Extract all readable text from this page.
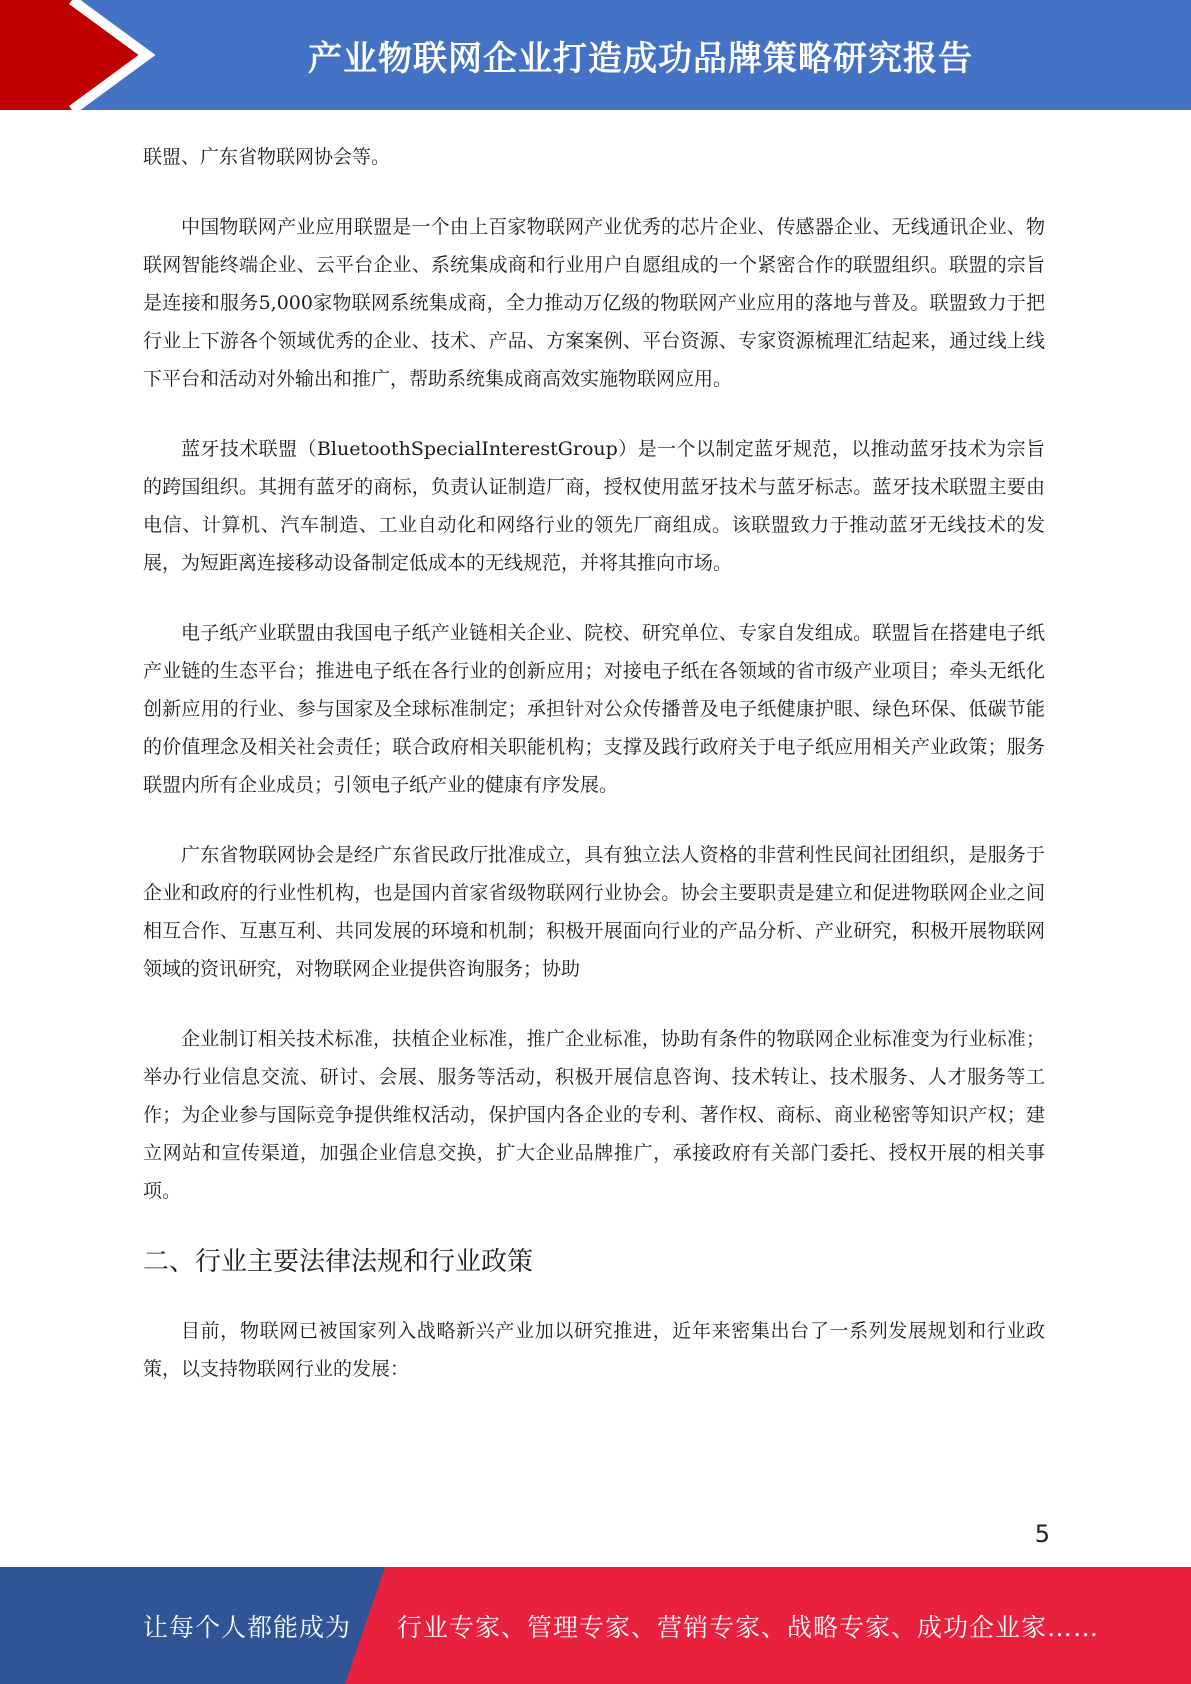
产业物联网企业打造成功品牌策略研究报告

联盟、广东省物联网协会等。

中国物联网产业应用联盟是一个由上百家物联网产业优秀的芯片企业、传感器企业、无线通讯企业、物联网智能终端企业、云平台企业、系统集成商和行业用户自愿组成的一个紧密合作的联盟组织。联盟的宗旨是连接和服务5,000家物联网系统集成商，全力推动万亿级的物联网产业应用的落地与普及。联盟致力于把行业上下游各个领域优秀的企业、技术、产品、方案案例、平台资源、专家资源梳理汇结起来，通过线上线下平台和活动对外输出和推广，帮助系统集成商高效实施物联网应用。

蓝牙技术联盟（BluetoothSpecialInterestGroup）是一个以制定蓝牙规范，以推动蓝牙技术为宗旨的跨国组织。其拥有蓝牙的商标，负责认证制造厂商，授权使用蓝牙技术与蓝牙标志。蓝牙技术联盟主要由电信、计算机、汽车制造、工业自动化和网络行业的领先厂商组成。该联盟致力于推动蓝牙无线技术的发展，为短距离连接移动设备制定低成本的无线规范，并将其推向市场。

电子纸产业联盟由我国电子纸产业链相关企业、院校、研究单位、专家自发组成。联盟旨在搭建电子纸产业链的生态平台；推进电子纸在各行业的创新应用；对接电子纸在各领域的省市级产业项目；牵头无纸化创新应用的行业、参与国家及全球标准制定；承担针对公众传播普及电子纸健康护眼、绿色环保、低碳节能的价值理念及相关社会责任；联合政府相关职能机构；支撑及践行政府关于电子纸应用相关产业政策；服务联盟内所有企业成员；引领电子纸产业的健康有序发展。

广东省物联网协会是经广东省民政厅批准成立，具有独立法人资格的非营利性民间社团组织，是服务于企业和政府的行业性机构，也是国内首家省级物联网行业协会。协会主要职责是建立和促进物联网企业之间相互合作、互惠互利、共同发展的环境和机制；积极开展面向行业的产品分析、产业研究，积极开展物联网领域的资讯研究，对物联网企业提供咨询服务；协助

企业制订相关技术标准，扶植企业标准，推广企业标准，协助有条件的物联网企业标准变为行业标准；举办行业信息交流、研讨、会展、服务等活动，积极开展信息咨询、技术转让、技术服务、人才服务等工作；为企业参与国际竞争提供维权活动，保护国内各企业的专利、著作权、商标、商业秘密等知识产权；建立网站和宣传渠道，加强企业信息交换，扩大企业品牌推广，承接政府有关部门委托、授权开展的相关事项。

二、行业主要法律法规和行业政策

目前，物联网已被国家列入战略新兴产业加以研究推进，近年来密集出台了一系列发展规划和行业政策，以支持物联网行业的发展：

5
让每个人都能成为 行业专家、管理专家、营销专家、战略专家、成功企业家……
